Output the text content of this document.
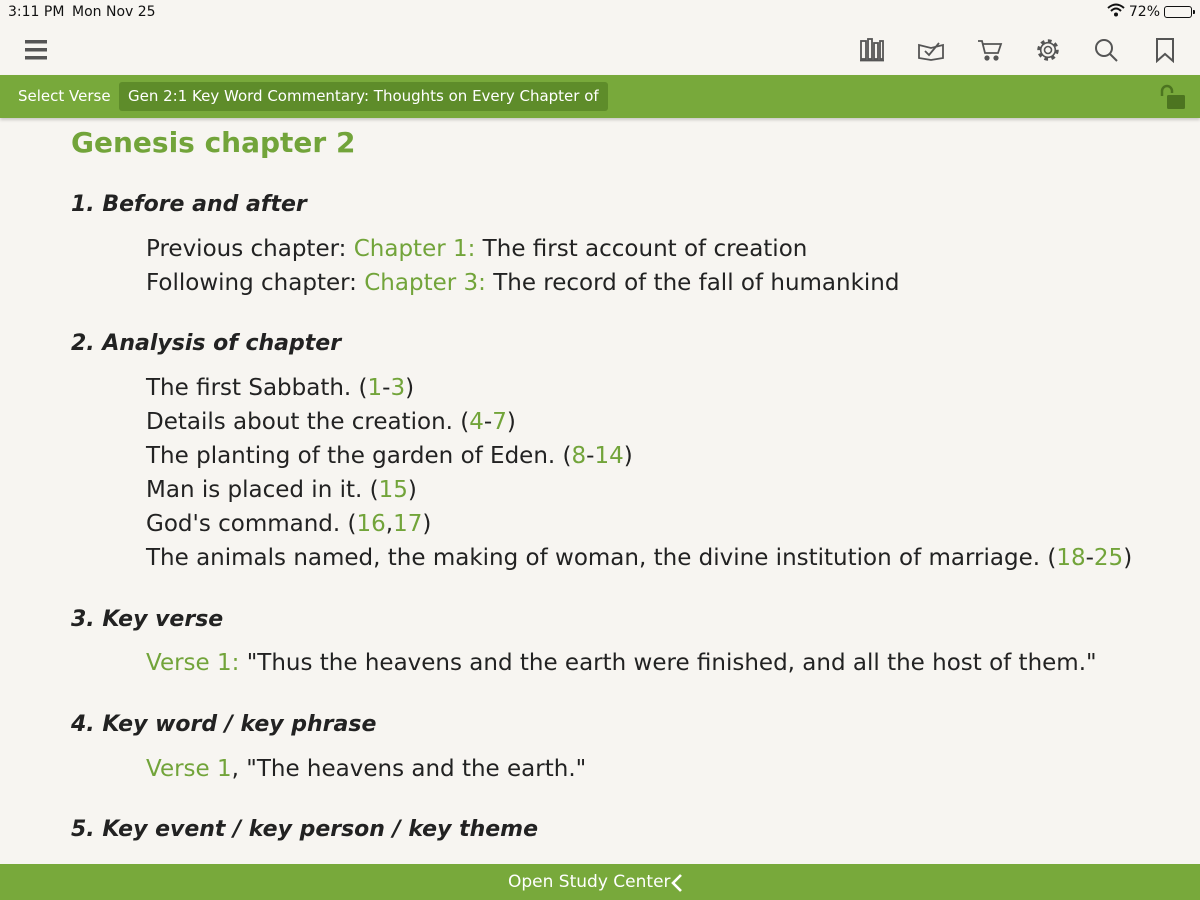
3:11 PM Mon Nov 25	72%
Select Verse	Gen 2:1 Key Word Commentary: Thoughts on Every Chapter of
Genesis chapter 2
1. Before and after
Previous chapter: Chapter 1: The first account of creation
Following chapter: Chapter 3: The record of the fall of humankind
2. Analysis of chapter
The first Sabbath. (1-3)
Details about the creation. (4-7)
The planting of the garden of Eden. (8-14)
Man is placed in it. (15)
God's command. (16,17)
The animals named, the making of woman, the divine institution of marriage. (18-25)
3. Key verse
Verse 1: "Thus the heavens and the earth were finished, and all the host of them."
4. Key word / key phrase
Verse 1, "The heavens and the earth."
5. Key event / key person / key theme
Open Study Center
